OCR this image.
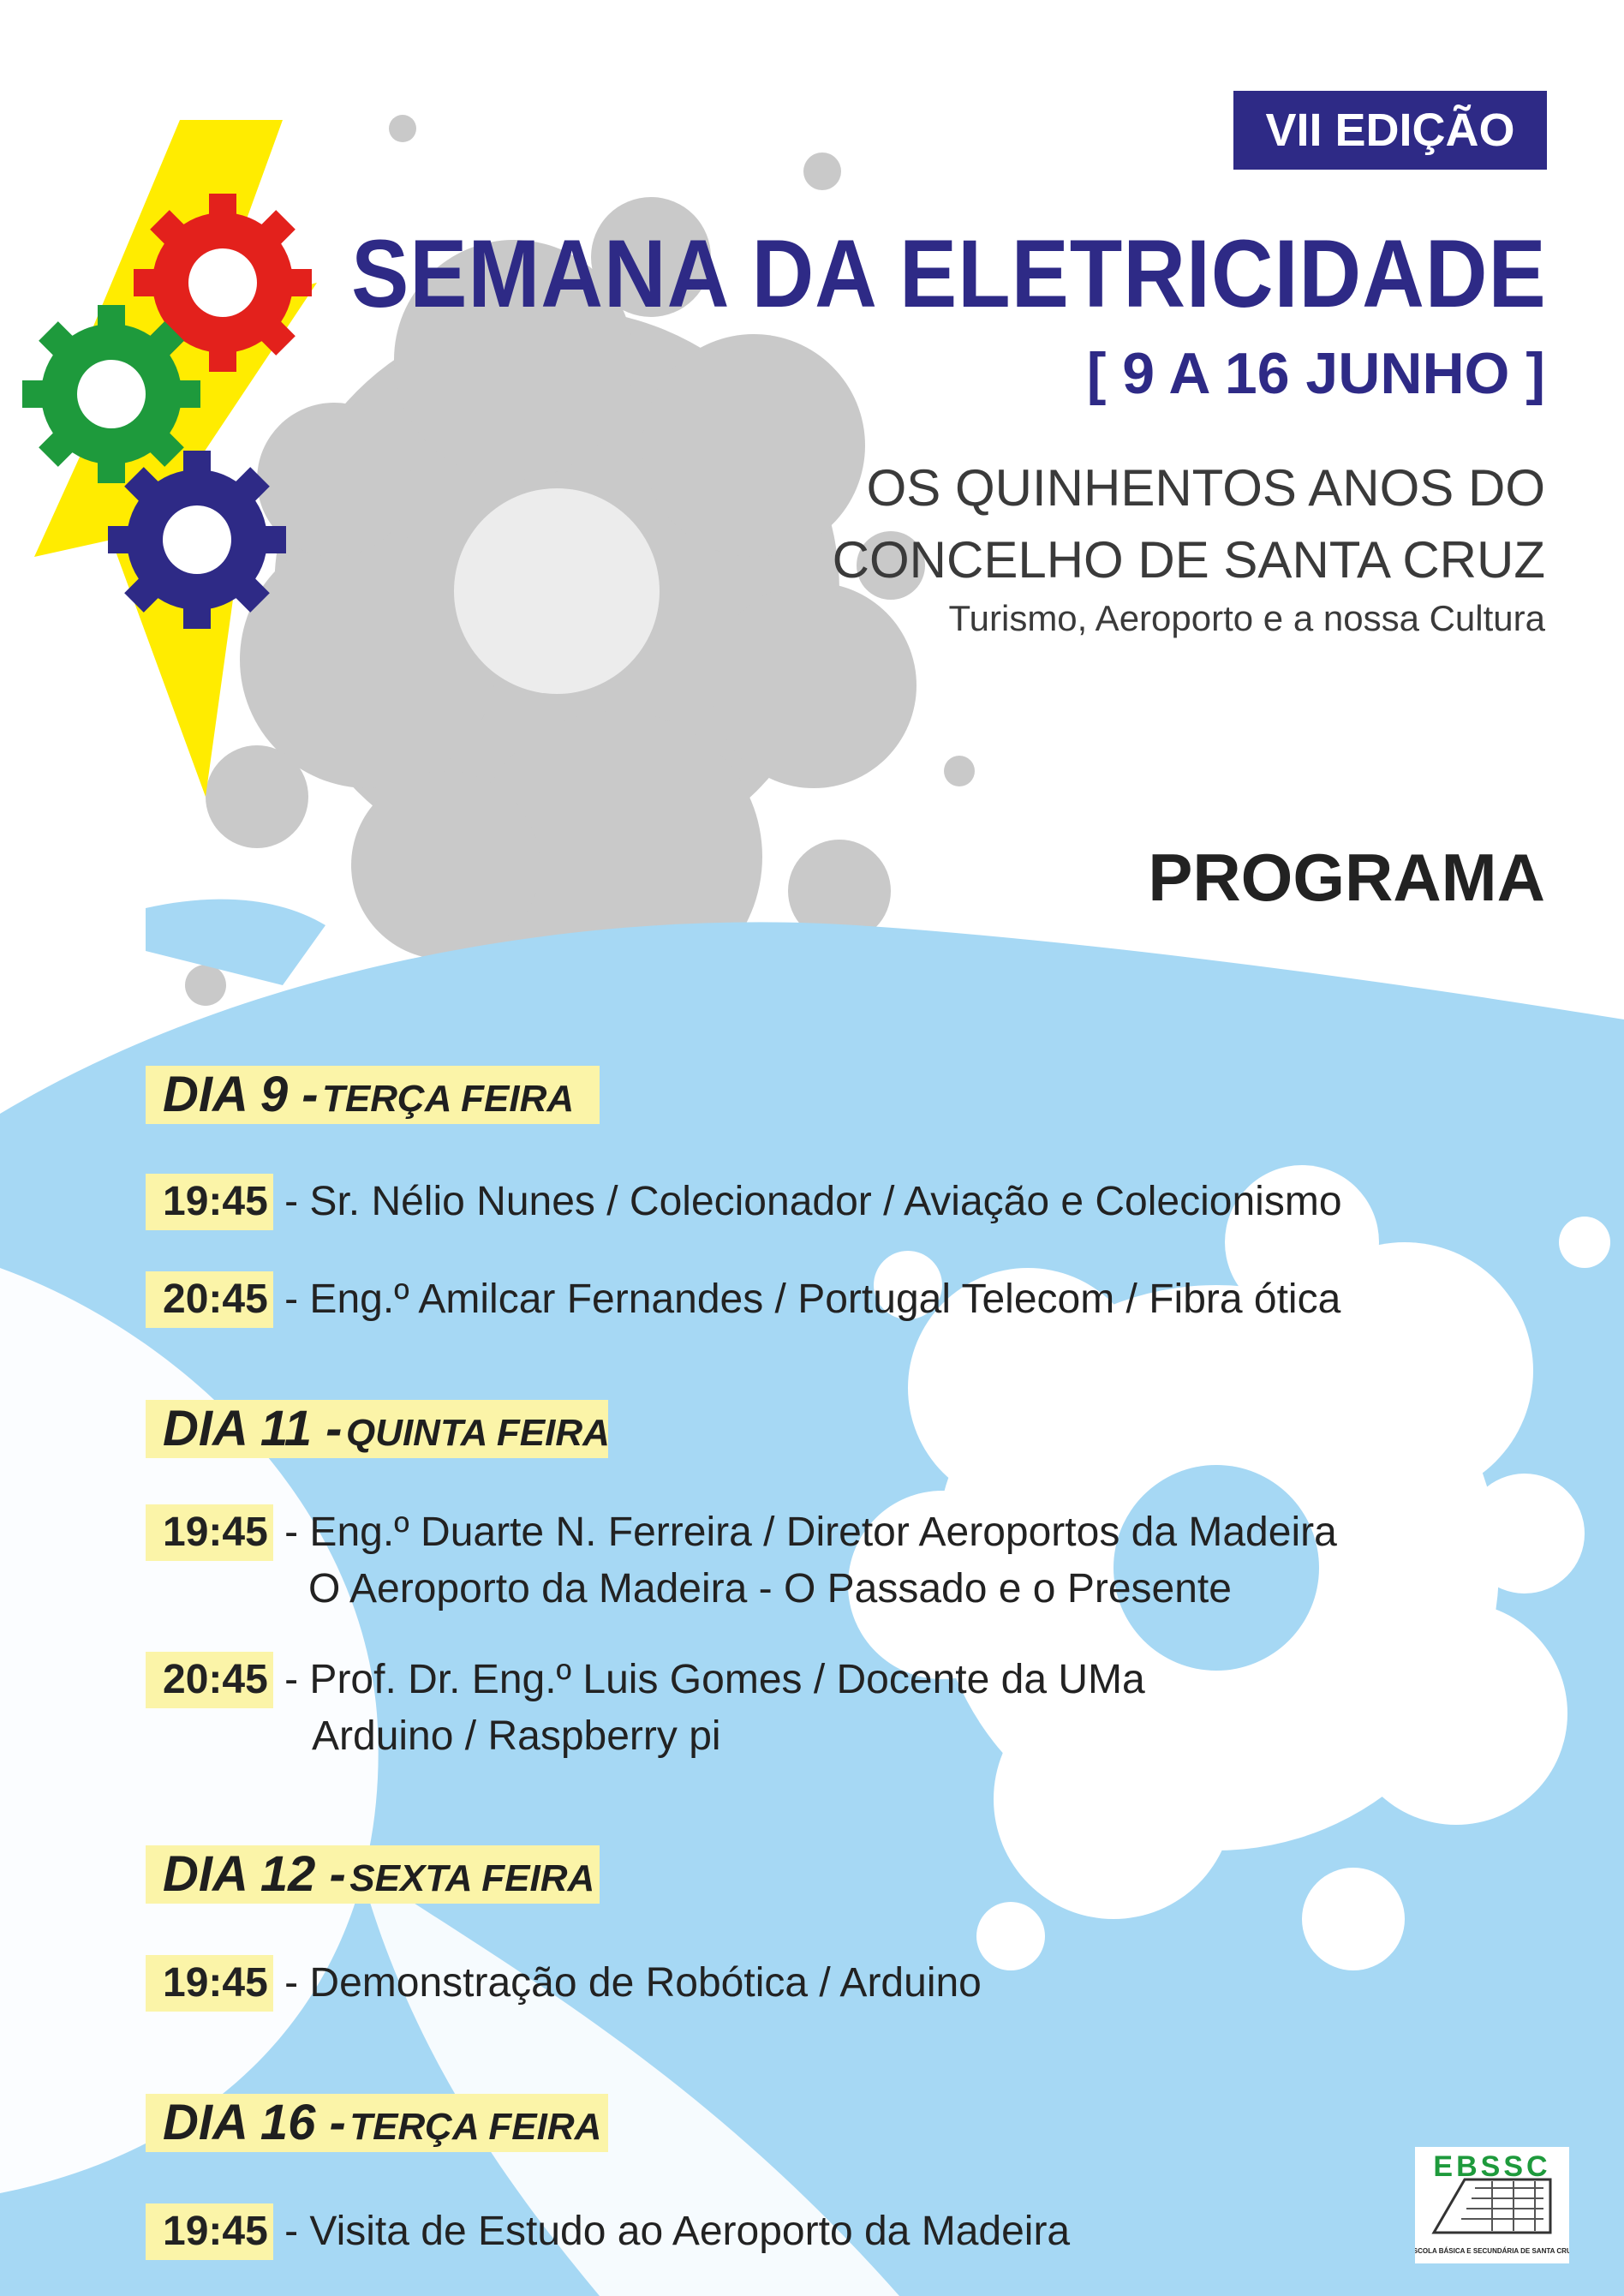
VII EDIÇÃO
SEMANA DA ELETRICIDADE
[ 9 A 16 JUNHO ]
OS QUINHENTOS ANOS DO
CONCELHO DE SANTA CRUZ
Turismo, Aeroporto e a nossa Cultura
PROGRAMA
DIA 9 - TERÇA FEIRA
19:45 - Sr. Nélio Nunes / Colecionador / Aviação e Colecionismo
20:45 - Eng.º Amilcar Fernandes / Portugal Telecom / Fibra ótica
DIA 11 - QUINTA FEIRA
19:45 - Eng.º Duarte N. Ferreira / Diretor Aeroportos da Madeira
O Aeroporto da Madeira - O Passado e o Presente
20:45 - Prof. Dr. Eng.º Luis Gomes / Docente da UMa
Arduino / Raspberry pi
DIA 12 - SEXTA FEIRA
19:45 - Demonstração de Robótica / Arduino
DIA 16 - TERÇA FEIRA
19:45 - Visita de Estudo ao Aeroporto da Madeira
EBSSC
ESCOLA BÁSICA E SECUNDÁRIA DE SANTA CRUZ
